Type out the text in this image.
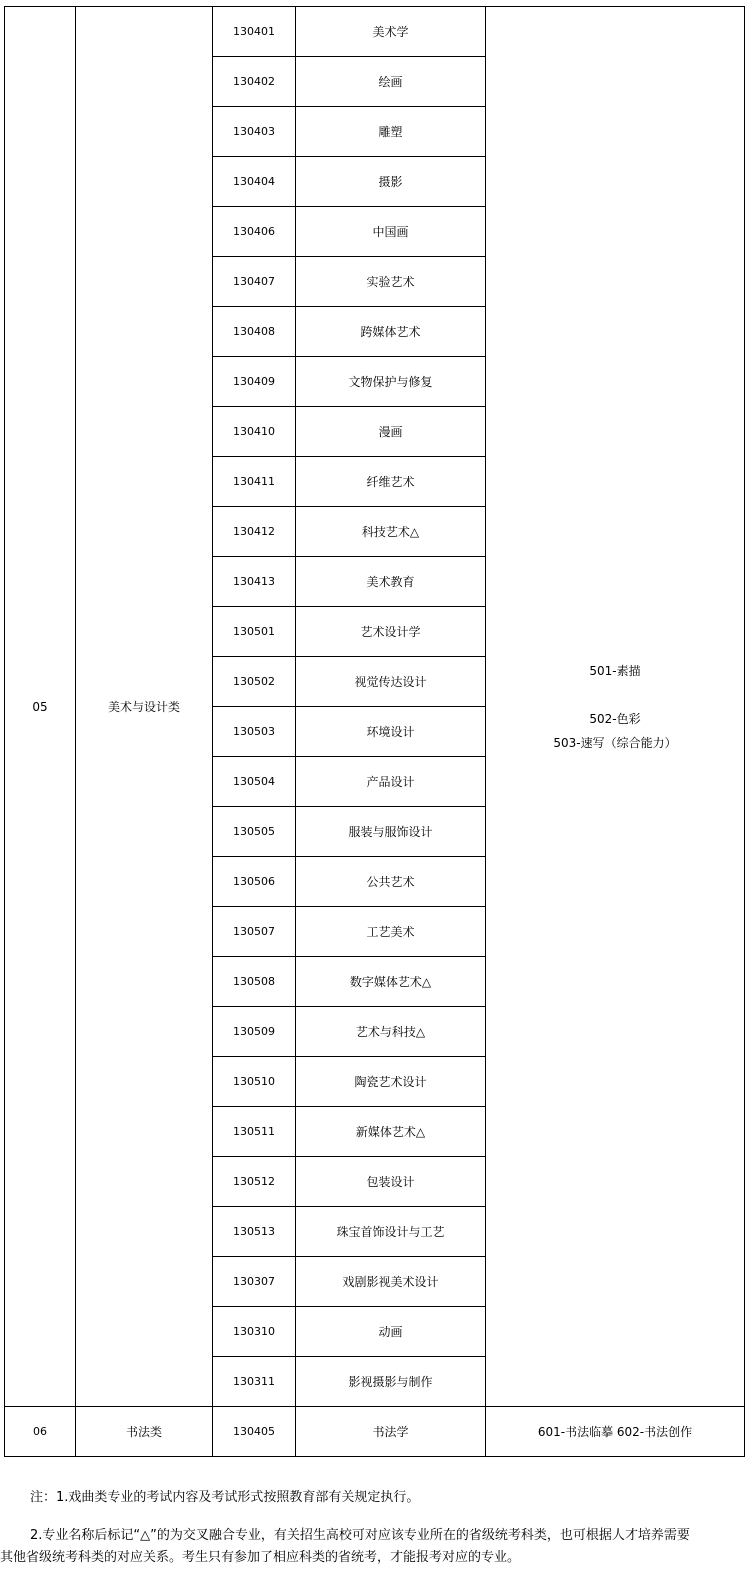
05	美术与设计类	130401	美术学	501-素描
502-色彩
503-速写（综合能力）

		130402	绘画	
		130403	雕塑	
		130404	摄影	
		130406	中国画	
		130407	实验艺术	
		130408	跨媒体艺术	
		130409	文物保护与修复	
		130410	漫画	
		130411	纤维艺术	
		130412	科技艺术△	
		130413	美术教育	
		130501	艺术设计学	
		130502	视觉传达设计	
		130503	环境设计	
		130504	产品设计	
		130505	服装与服饰设计	
		130506	公共艺术	
		130507	工艺美术	
		130508	数字媒体艺术△	
		130509	艺术与科技△	
		130510	陶瓷艺术设计	
		130511	新媒体艺术△	
		130512	包装设计	
		130513	珠宝首饰设计与工艺	
		130307	戏剧影视美术设计	
		130310	动画	
		130311	影视摄影与制作	
06	书法类	130405	书法学	601-书法临摹 602-书法创作

注：1.戏曲类专业的考试内容及考试形式按照教育部有关规定执行。

2.专业名称后标记“△”的为交叉融合专业，有关招生高校可对应该专业所在的省级统考科类，也可根据人才培养需要

其他省级统考科类的对应关系。考生只有参加了相应科类的省统考，才能报考对应的专业。
